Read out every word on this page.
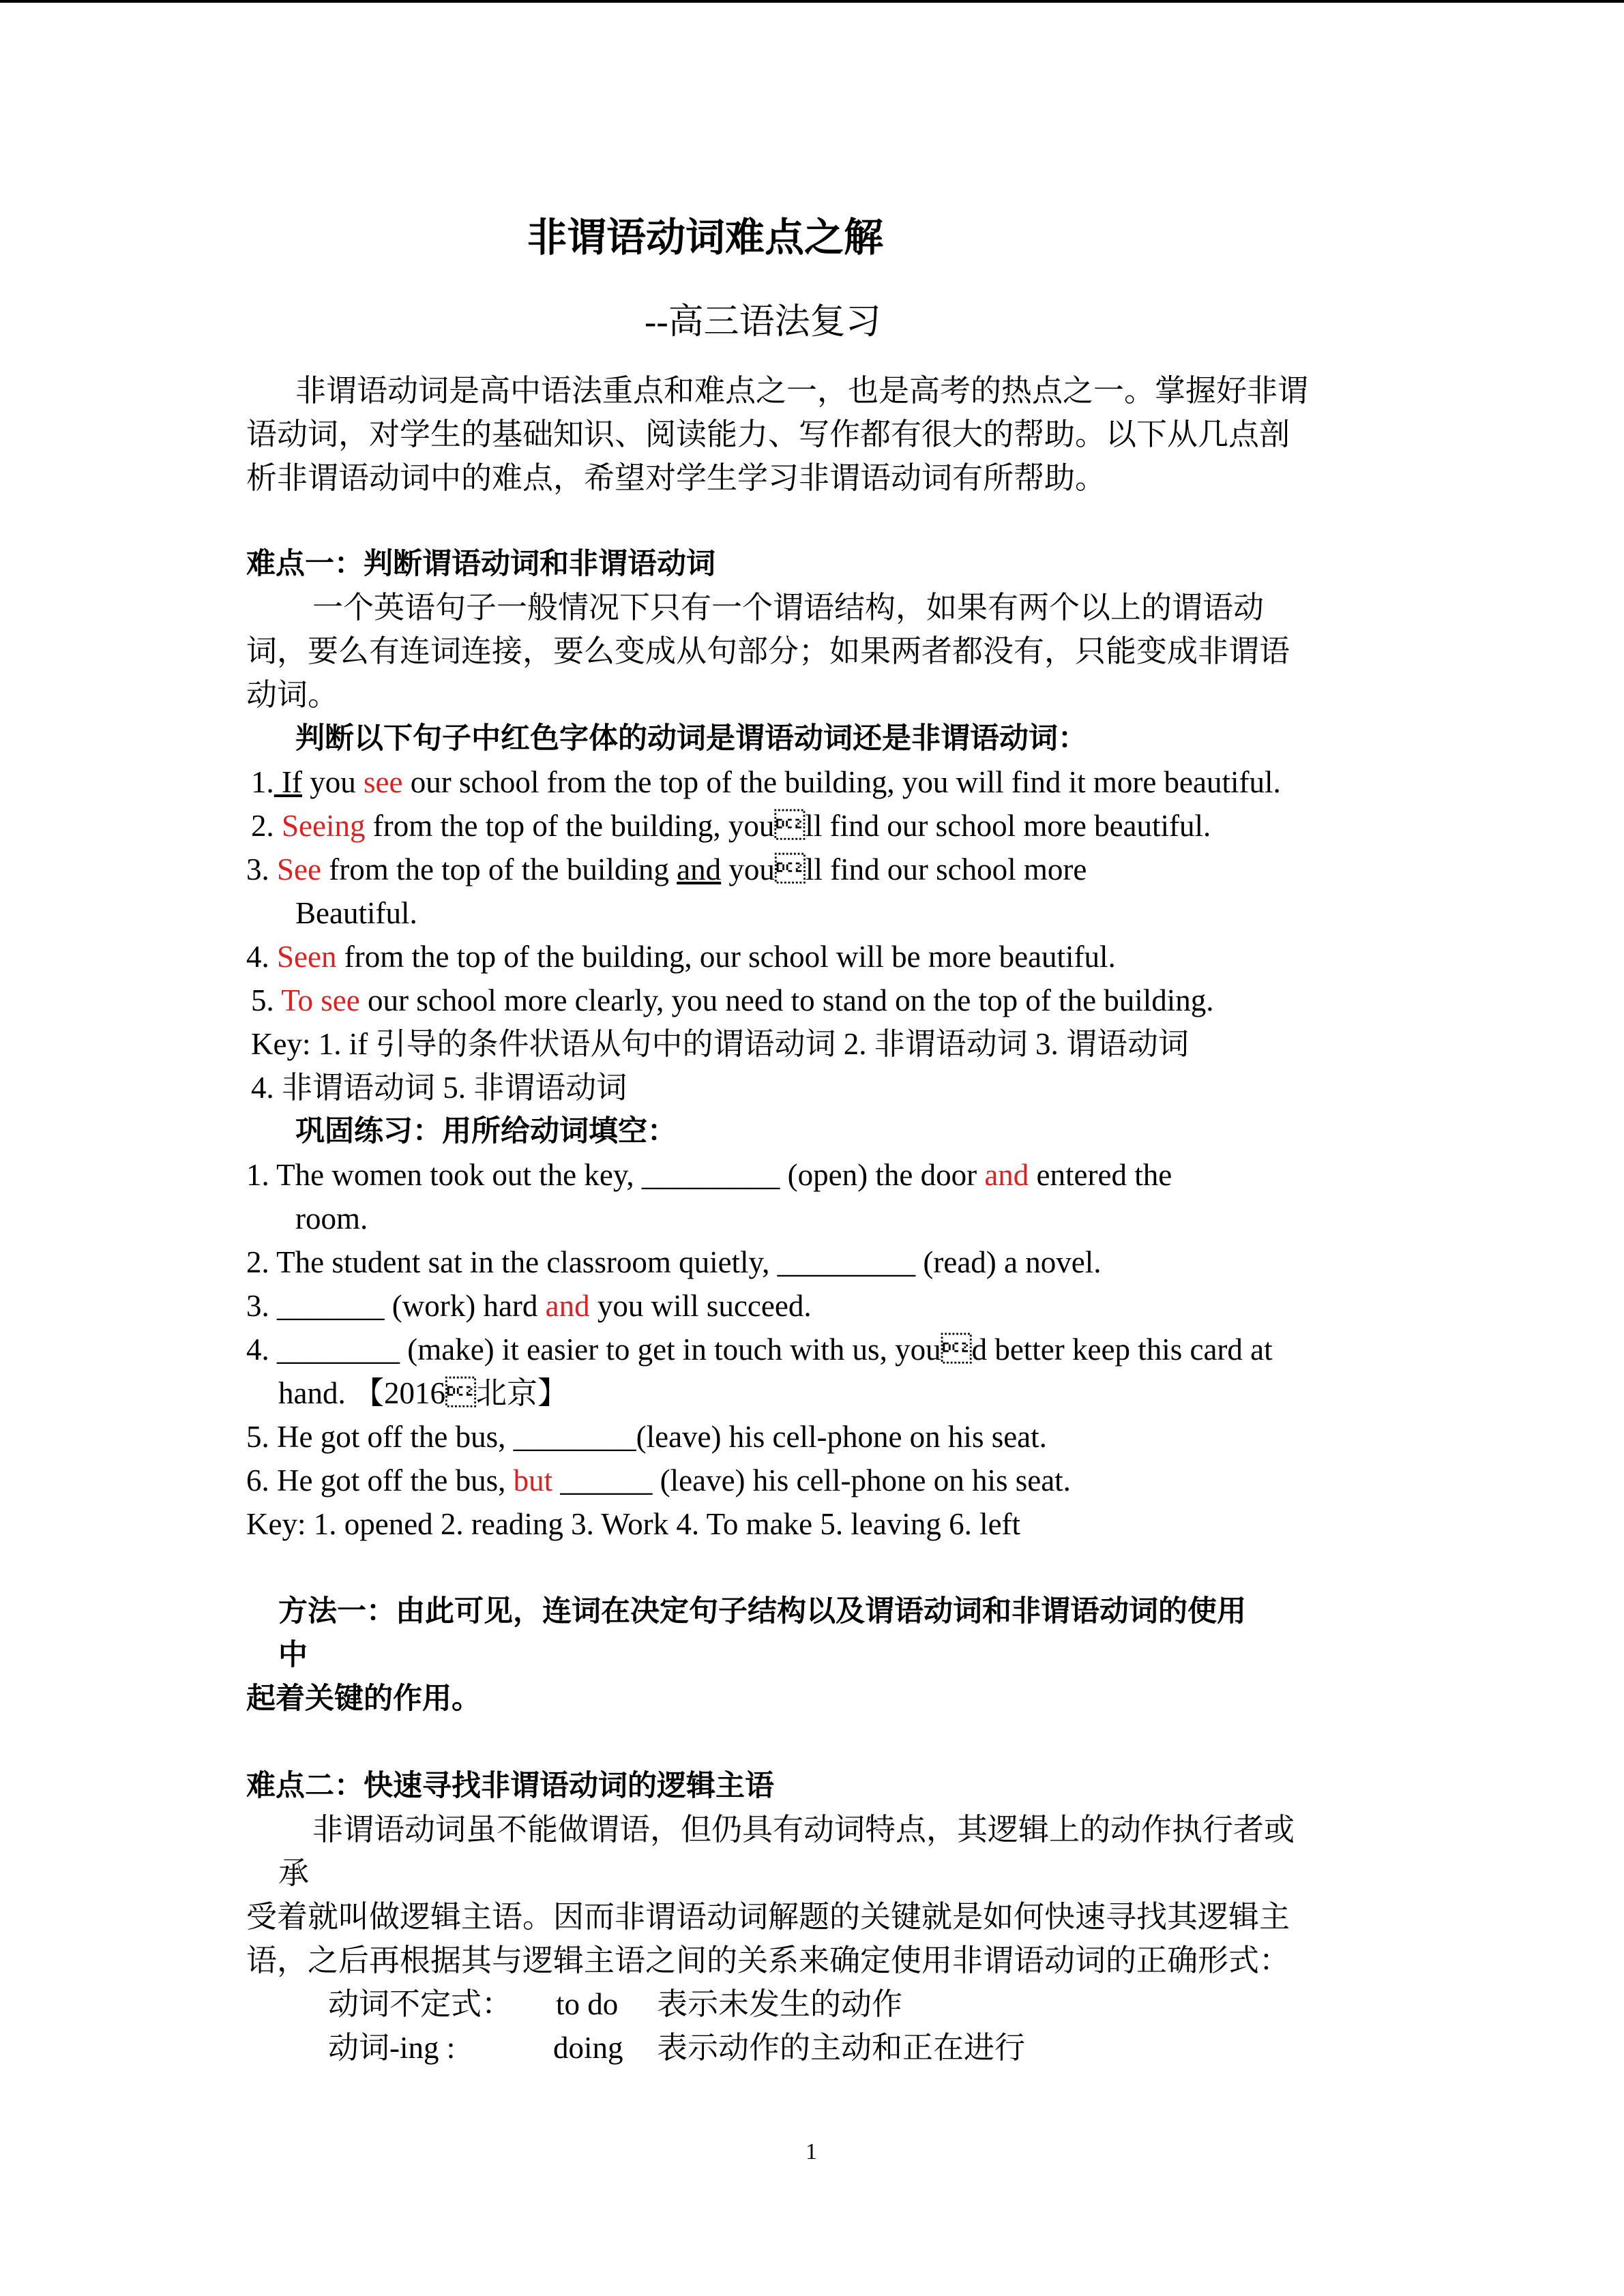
非谓语动词难点之解
--高三语法复习
非谓语动词是高中语法重点和难点之一，也是高考的热点之一。掌握好非谓
语动词，对学生的基础知识、阅读能力、写作都有很大的帮助。以下从几点剖
析非谓语动词中的难点，希望对学生学习非谓语动词有所帮助。
难点一：判断谓语动词和非谓语动词
一个英语句子一般情况下只有一个谓语结构，如果有两个以上的谓语动
词，要么有连词连接，要么变成从句部分；如果两者都没有，只能变成非谓语
动词。
判断以下句子中红色字体的动词是谓语动词还是非谓语动词：
1. If you see our school from the top of the building, you will find it more beautiful.
2. Seeing from the top of the building, youll find our school more beautiful.
3. See from the top of the building and youll find our school more
Beautiful.
4. Seen from the top of the building, our school will be more beautiful.
5. To see our school more clearly, you need to stand on the top of the building.
Key: 1. if 引导的条件状语从句中的谓语动词 2. 非谓语动词 3. 谓语动词
4. 非谓语动词 5. 非谓语动词
巩固练习：用所给动词填空：
1. The women took out the key, _________ (open) the door and entered the
room.
2. The student sat in the classroom quietly, _________ (read) a novel.
3. _______ (work) hard and you will succeed.
4. ________ (make) it easier to get in touch with us, youd better keep this card at
hand. 【2016北京】
5. He got off the bus, ________(leave) his cell-phone on his seat.
6. He got off the bus, but ______ (leave) his cell-phone on his seat.
Key: 1. opened 2. reading 3. Work 4. To make 5. leaving 6. left
方法一：由此可见，连词在决定句子结构以及谓语动词和非谓语动词的使用
中
起着关键的作用。
难点二：快速寻找非谓语动词的逻辑主语
非谓语动词虽不能做谓语，但仍具有动词特点，其逻辑上的动作执行者或
承
受着就叫做逻辑主语。因而非谓语动词解题的关键就是如何快速寻找其逻辑主
语，之后再根据其与逻辑主语之间的关系来确定使用非谓语动词的正确形式：
动词不定式： to do 表示未发生的动作
动词-ing :	doing 表示动作的主动和正在进行
1
